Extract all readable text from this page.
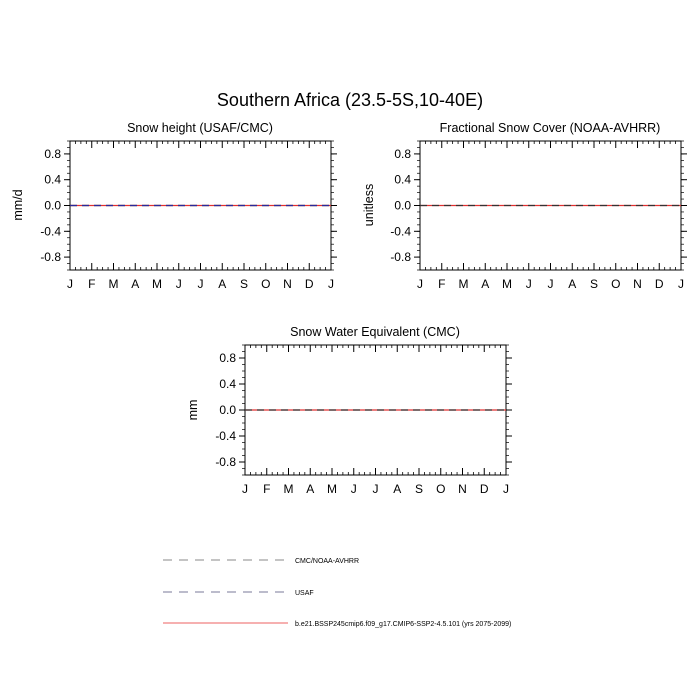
Southern Africa (23.5-5S,10-40E)
Snow height (USAF/CMC)
mm/d
J F M A M J J A S O N D J
0.8
0.4
0.0
-0.4
-0.8
Fractional Snow Cover (NOAA-AVHRR)
unitless
J F M A M J J A S O N D J
0.8
0.4
0.0
-0.4
-0.8
Snow Water Equivalent (CMC)
mm
J F M A M J J A S O N D J
0.8
0.4
0.0
-0.4
-0.8
CMC/NOAA-AVHRR
USAF
b.e21.BSSP245cmip6.f09_g17.CMIP6-SSP2-4.5.101 (yrs 2075-2099)
